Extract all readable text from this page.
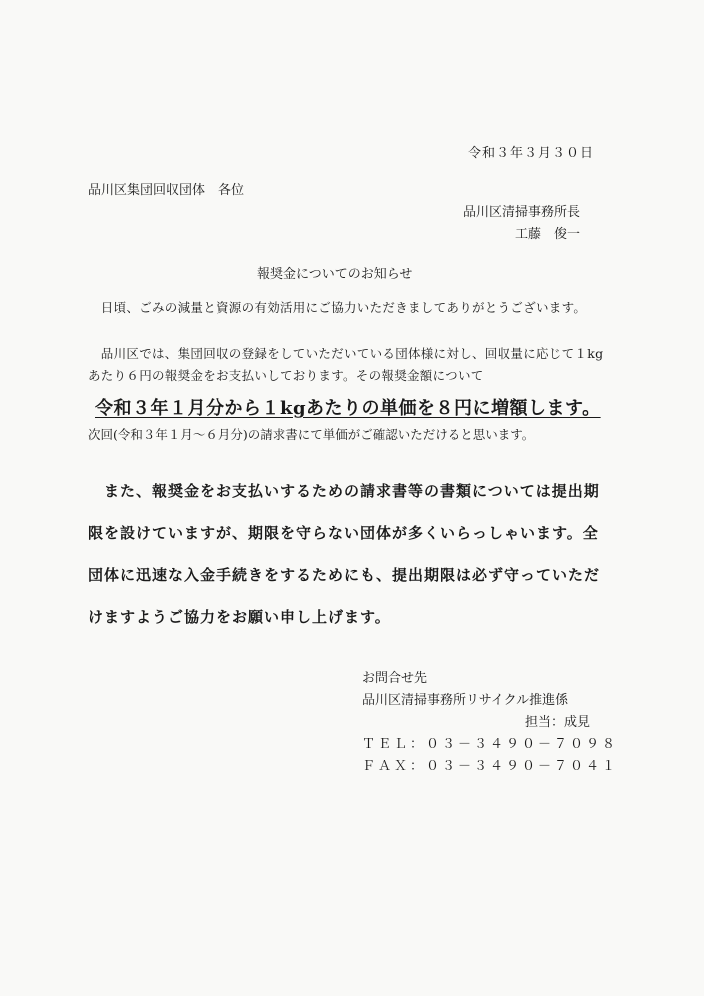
令和３年３月３０日
品川区集団回収団体　各位
品川区清掃事務所長
工藤　俊一
報奨金についてのお知らせ
　日頃、ごみの減量と資源の有効活用にご協力いただきましてありがとうございます。
　品川区では、集団回収の登録をしていただいている団体様に対し、回収量に応じて１kgあたり６円の報奨金をお支払いしております。その報奨金額について
令和３年１月分から１kgあたりの単価を８円に増額します。
次回(令和３年１月～６月分)の請求書にて単価がご確認いただけると思います。
　また、報奨金をお支払いするための請求書等の書類については提出期限を設けていますが、期限を守らない団体が多くいらっしゃいます。全団体に迅速な入金手続きをするためにも、提出期限は必ず守っていただけますようご協力をお願い申し上げます。
お問合せ先
品川区清掃事務所リサイクル推進係
担当：成見
ＴＥＬ：０３－３４９０－７０９８
ＦＡＸ：０３－３４９０－７０４１
